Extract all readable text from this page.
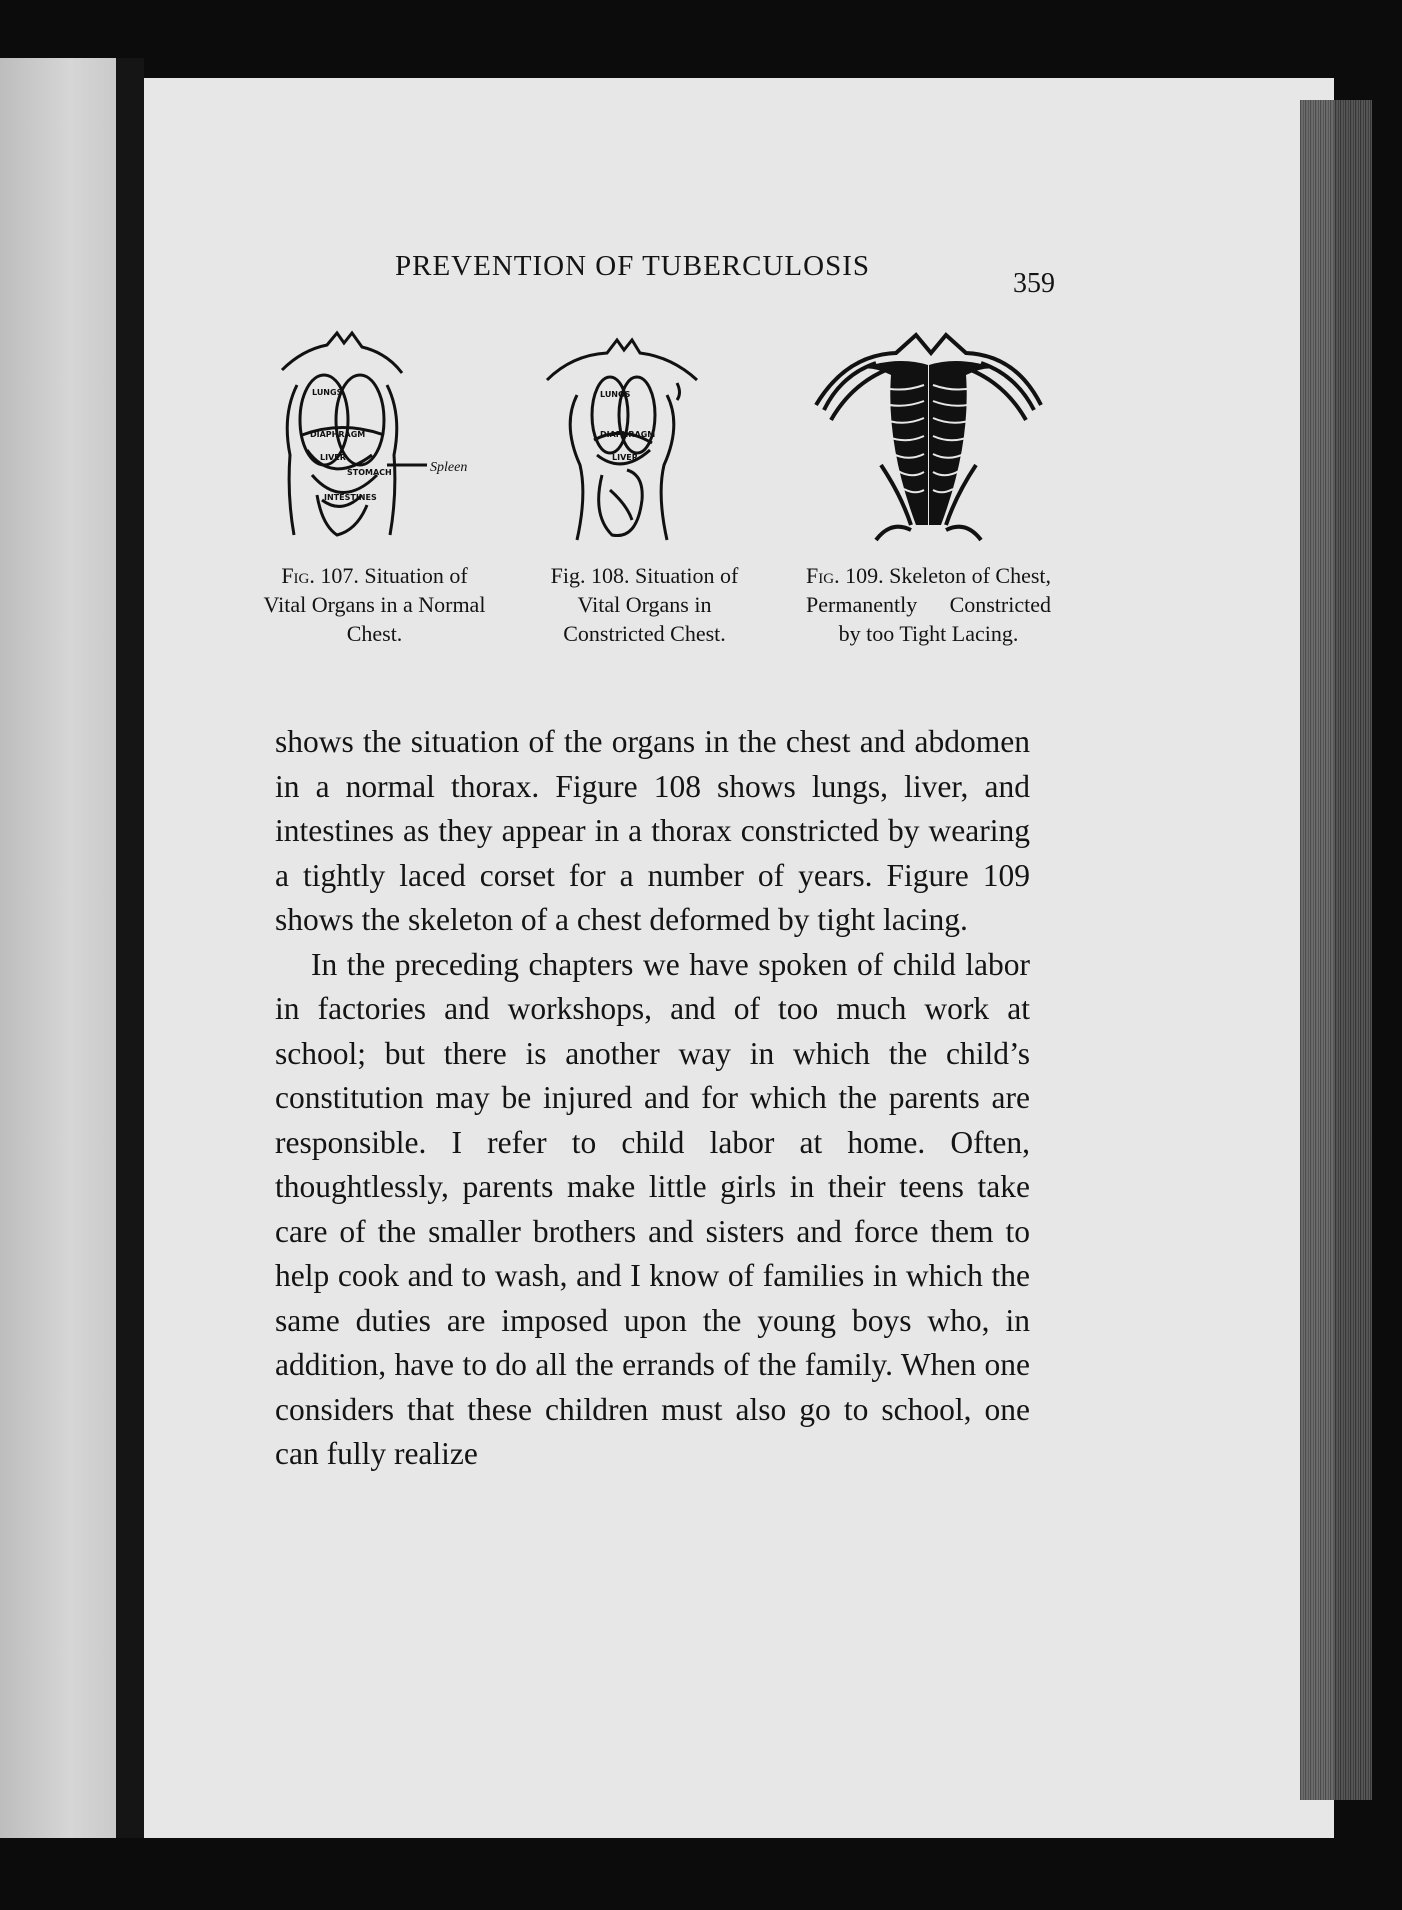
PREVENTION OF TUBERCULOSIS
359
LUNGS
DIAPHRAGM
LIVER
STOMACH
INTESTINES
Spleen
Fig. 107. Situation of Vital Organs in a Normal Chest.
LUNGS
DIAPHRAGM
LIVER
Fig. 108. Situation of Vital Organs in Constricted Chest.
Fig. 109. Skeleton of Chest, Permanently Constricted by too Tight Lacing.

shows the situation of the organs in the chest and abdomen in a normal thorax. Figure 108 shows lungs, liver, and intestines as they appear in a thorax constricted by wearing a tightly laced corset for a number of years. Figure 109 shows the skeleton of a chest deformed by tight lacing.

In the preceding chapters we have spoken of child labor in factories and workshops, and of too much work at school; but there is another way in which the child’s constitution may be injured and for which the parents are responsible. I refer to child labor at home. Often, thoughtlessly, parents make little girls in their teens take care of the smaller brothers and sisters and force them to help cook and to wash, and I know of families in which the same duties are imposed upon the young boys who, in addition, have to do all the errands of the family. When one considers that these children must also go to school, one can fully realize
